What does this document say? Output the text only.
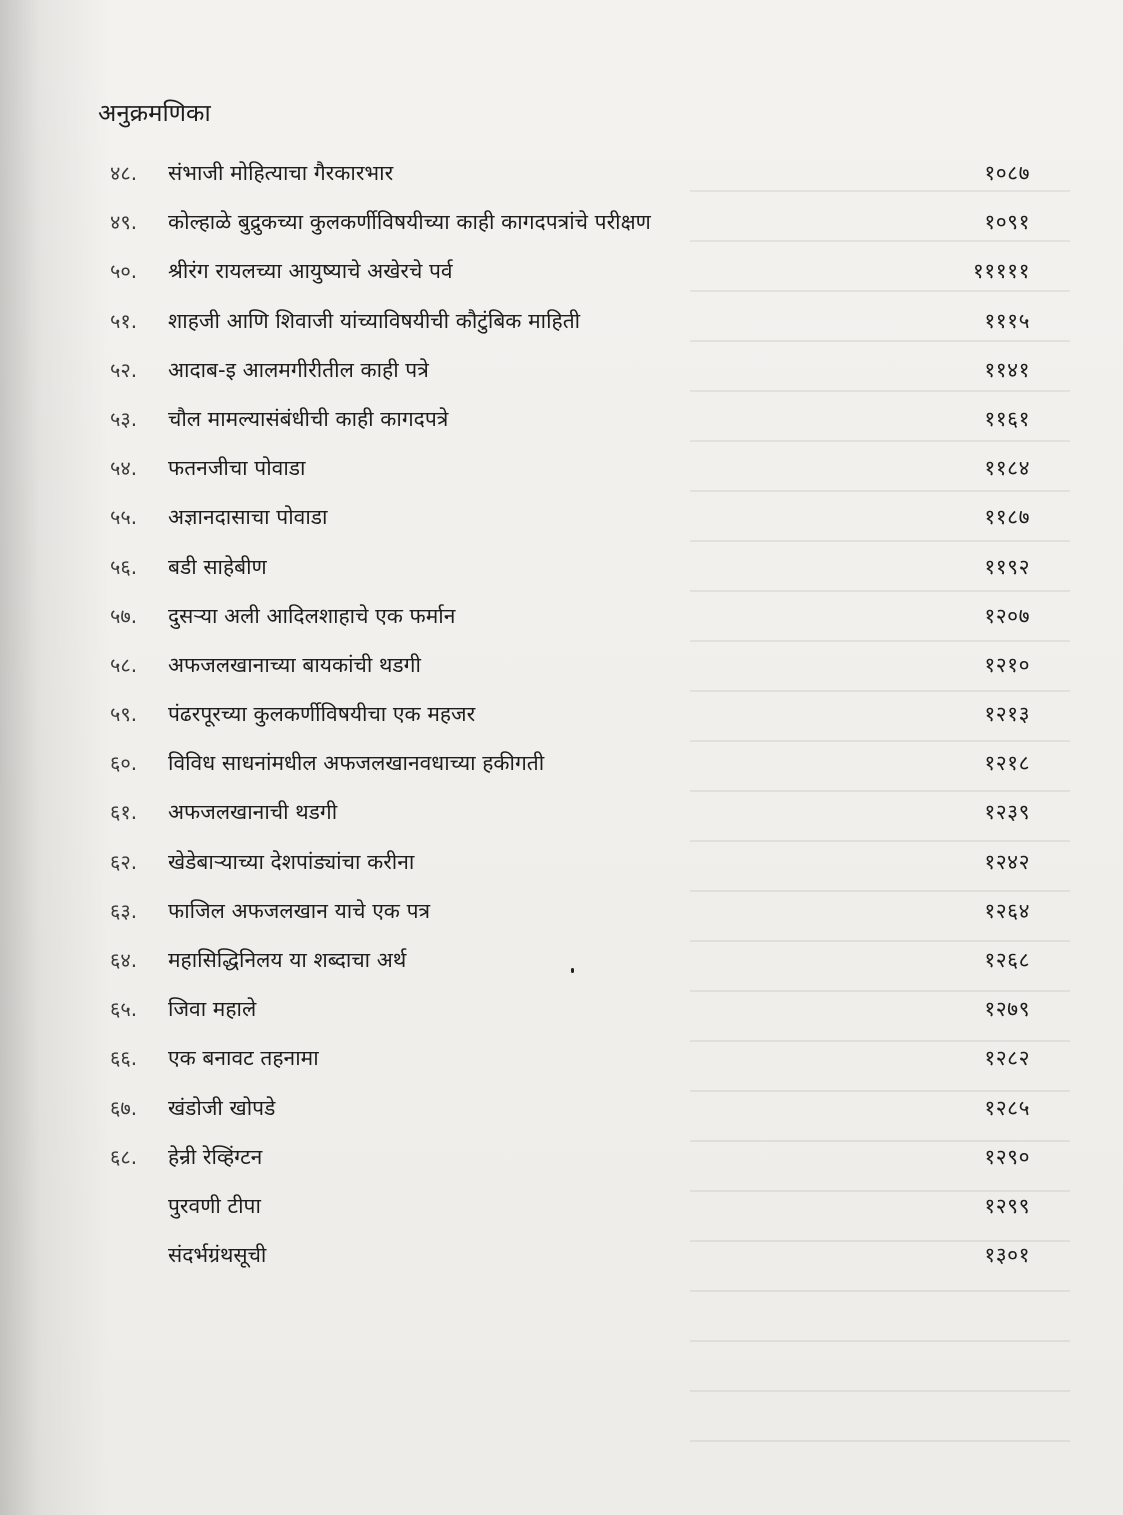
अनुक्रमणिका
४८.	संभाजी मोहित्याचा गैरकारभार	१०८७
४९.	कोल्हाळे बुद्रुकच्या कुलकर्णीविषयीच्या काही कागदपत्रांचे परीक्षण	१०९१
५०.	श्रीरंग रायलच्या आयुष्याचे अखेरचे पर्व	१११११
५१.	शाहजी आणि शिवाजी यांच्याविषयीची कौटुंबिक माहिती	१११५
५२.	आदाब-इ आलमगीरीतील काही पत्रे	११४१
५३.	चौल मामल्यासंबंधीची काही कागदपत्रे	११६१
५४.	फतनजीचा पोवाडा	११८४
५५.	अज्ञानदासाचा पोवाडा	११८७
५६.	बडी साहेबीण	११९२
५७.	दुसऱ्या अली आदिलशाहाचे एक फर्मान	१२०७
५८.	अफजलखानाच्या बायकांची थडगी	१२१०
५९.	पंढरपूरच्या कुलकर्णीविषयीचा एक महजर	१२१३
६०.	विविध साधनांमधील अफजलखानवधाच्या हकीगती	१२१८
६१.	अफजलखानाची थडगी	१२३९
६२.	खेडेबाऱ्याच्या देशपांड्यांचा करीना	१२४२
६३.	फाजिल अफजलखान याचे एक पत्र	१२६४
६४.	महासिद्धिनिलय या शब्दाचा अर्थ	१२६८
६५.	जिवा महाले	१२७९
६६.	एक बनावट तहनामा	१२८२
६७.	खंडोजी खोपडे	१२८५
६८.	हेन्री रेव्हिंग्टन	१२९०
पुरवणी टीपा	१२९९
संदर्भग्रंथसूची	१३०१
